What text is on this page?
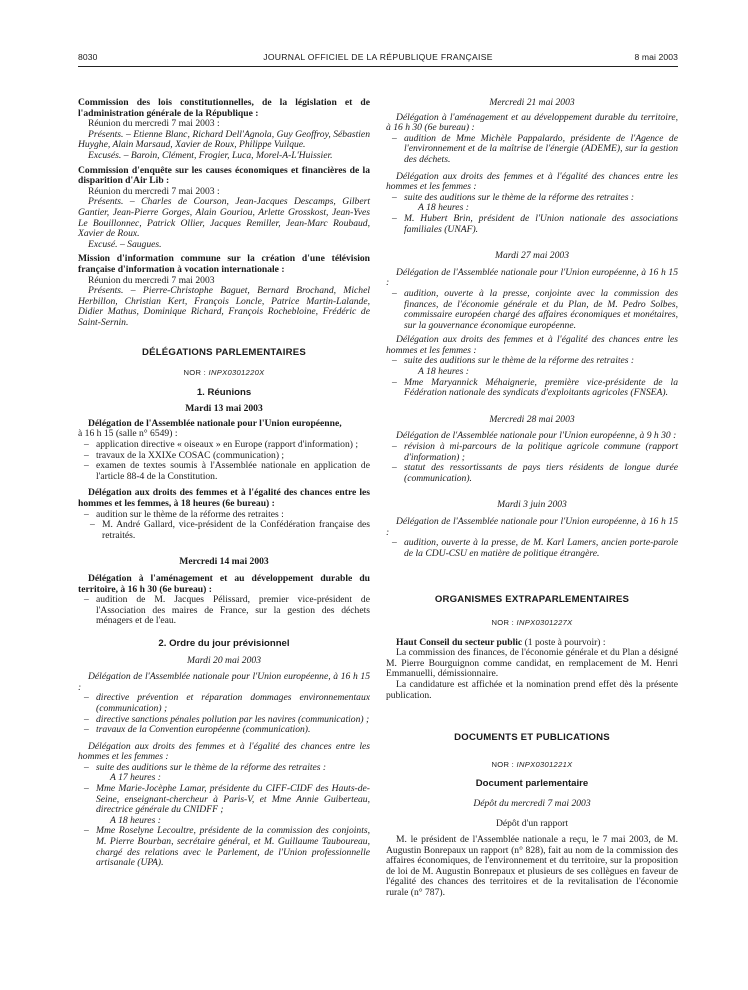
8030	JOURNAL OFFICIEL DE LA RÉPUBLIQUE FRANÇAISE	8 mai 2003
Commission des lois constitutionnelles, de la législation et de l'administration générale de la République :
Réunion du mercredi 7 mai 2003 :
Présents. – Etienne Blanc, Richard Dell'Agnola, Guy Geoffroy, Sébastien Huyghe, Alain Marsaud, Xavier de Roux, Philippe Vuilque.
Excusés. – Baroin, Clément, Frogier, Luca, Morel-A-L'Huissier.
Commission d'enquête sur les causes économiques et financières de la disparition d'Air Lib :
Réunion du mercredi 7 mai 2003 :
Présents. – Charles de Courson, Jean-Jacques Descamps, Gilbert Gantier, Jean-Pierre Gorges, Alain Gouriou, Arlette Grosskost, Jean-Yves Le Bouillonnec, Patrick Ollier, Jacques Remiller, Jean-Marc Roubaud, Xavier de Roux.
Excusé. – Saugues.
Mission d'information commune sur la création d'une télévision française d'information à vocation internationale :
Réunion du mercredi 7 mai 2003
Présents. – Pierre-Christophe Baguet, Bernard Brochand, Michel Herbillon, Christian Kert, François Loncle, Patrice Martin-Lalande, Didier Mathus, Dominique Richard, François Rochebloine, Frédéric de Saint-Sernin.
DÉLÉGATIONS PARLEMENTAIRES
NOR : INPX0301220X
1. Réunions
Mardi 13 mai 2003
Délégation de l'Assemblée nationale pour l'Union européenne,
à 16 h 15 (salle n° 6549) :
– application directive « oiseaux » en Europe (rapport d'information) ;
– travaux de la XXIXe COSAC (communication) ;
– examen de textes soumis à l'Assemblée nationale en application de l'article 88-4 de la Constitution.
Délégation aux droits des femmes et à l'égalité des chances entre les hommes et les femmes, à 18 heures (6e bureau) :
– audition sur le thème de la réforme des retraites :
– M. André Gallard, vice-président de la Confédération française des retraités.
Mercredi 14 mai 2003
Délégation à l'aménagement et au développement durable du territoire, à 16 h 30 (6e bureau) :
– audition de M. Jacques Pélissard, premier vice-président de l'Association des maires de France, sur la gestion des déchets ménagers et de l'eau.
2. Ordre du jour prévisionnel
Mardi 20 mai 2003
Délégation de l'Assemblée nationale pour l'Union européenne, à 16 h 15 :
– directive prévention et réparation dommages environnementaux (communication) ;
– directive sanctions pénales pollution par les navires (communication) ;
– travaux de la Convention européenne (communication).
Délégation aux droits des femmes et à l'égalité des chances entre les hommes et les femmes :
– suite des auditions sur le thème de la réforme des retraites :
A 17 heures :
– Mme Marie-Jocèphe Lamar, présidente du CIFF-CIDF des Hauts-de-Seine, enseignant-chercheur à Paris-V, et Mme Annie Guiberteau, directrice générale du CNIDFF ;
A 18 heures :
– Mme Roselyne Lecoultre, présidente de la commission des conjoints, M. Pierre Bourban, secrétaire général, et M. Guillaume Tauboureau, chargé des relations avec le Parlement, de l'Union professionnelle artisanale (UPA).
Mercredi 21 mai 2003
Délégation à l'aménagement et au développement durable du territoire, à 16 h 30 (6e bureau) :
– audition de Mme Michèle Pappalardo, présidente de l'Agence de l'environnement et de la maîtrise de l'énergie (ADEME), sur la gestion des déchets.
Délégation aux droits des femmes et à l'égalité des chances entre les hommes et les femmes :
– suite des auditions sur le thème de la réforme des retraites :
A 18 heures :
– M. Hubert Brin, président de l'Union nationale des associations familiales (UNAF).
Mardi 27 mai 2003
Délégation de l'Assemblée nationale pour l'Union européenne, à 16 h 15 :
– audition, ouverte à la presse, conjointe avec la commission des finances, de l'économie générale et du Plan, de M. Pedro Solbes, commissaire européen chargé des affaires économiques et monétaires, sur la gouvernance économique européenne.
Délégation aux droits des femmes et à l'égalité des chances entre les hommes et les femmes :
– suite des auditions sur le thème de la réforme des retraites :
A 18 heures :
– Mme Maryannick Méhaignerie, première vice-présidente de la Fédération nationale des syndicats d'exploitants agricoles (FNSEA).
Mercredi 28 mai 2003
Délégation de l'Assemblée nationale pour l'Union européenne, à 9 h 30 :
– révision à mi-parcours de la politique agricole commune (rapport d'information) ;
– statut des ressortissants de pays tiers résidents de longue durée (communication).
Mardi 3 juin 2003
Délégation de l'Assemblée nationale pour l'Union européenne, à 16 h 15 :
– audition, ouverte à la presse, de M. Karl Lamers, ancien porte-parole de la CDU-CSU en matière de politique étrangère.
ORGANISMES EXTRAPARLEMENTAIRES
NOR : INPX0301227X
Haut Conseil du secteur public (1 poste à pourvoir) :
La commission des finances, de l'économie générale et du Plan a désigné M. Pierre Bourguignon comme candidat, en remplacement de M. Henri Emmanuelli, démissionnaire.
La candidature est affichée et la nomination prend effet dès la présente publication.
DOCUMENTS ET PUBLICATIONS
NOR : INPX0301221X
Document parlementaire
Dépôt du mercredi 7 mai 2003
Dépôt d'un rapport
M. le président de l'Assemblée nationale a reçu, le 7 mai 2003, de M. Augustin Bonrepaux un rapport (n° 828), fait au nom de la commission des affaires économiques, de l'environnement et du territoire, sur la proposition de loi de M. Augustin Bonrepaux et plusieurs de ses collègues en faveur de l'égalité des chances des territoires et de la revitalisation de l'économie rurale (n° 787).
